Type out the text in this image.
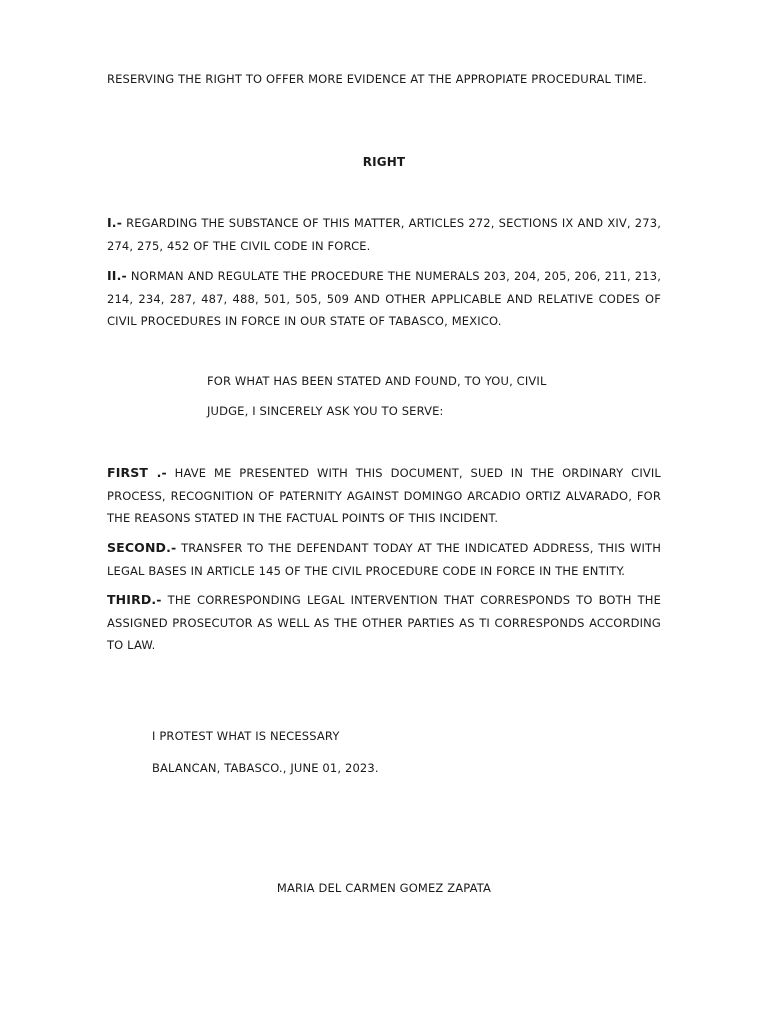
RESERVING THE RIGHT TO OFFER MORE EVIDENCE AT THE APPROPIATE PROCEDURAL TIME.

RIGHT

I.- REGARDING THE SUBSTANCE OF THIS MATTER, ARTICLES 272, SECTIONS IX AND XIV, 273, 274, 275, 452 OF THE CIVIL CODE IN FORCE.

II.- NORMAN AND REGULATE THE PROCEDURE THE NUMERALS 203, 204, 205, 206, 211, 213, 214, 234, 287, 487, 488, 501, 505, 509 AND OTHER APPLICABLE AND RELATIVE CODES OF CIVIL PROCEDURES IN FORCE IN OUR STATE OF TABASCO, MEXICO.

FOR WHAT HAS BEEN STATED AND FOUND, TO YOU, CIVIL
JUDGE, I SINCERELY ASK YOU TO SERVE:

FIRST .- HAVE ME PRESENTED WITH THIS DOCUMENT, SUED IN THE ORDINARY CIVIL PROCESS, RECOGNITION OF PATERNITY AGAINST DOMINGO ARCADIO ORTIZ ALVARADO, FOR THE REASONS STATED IN THE FACTUAL POINTS OF THIS INCIDENT.

SECOND.- TRANSFER TO THE DEFENDANT TODAY AT THE INDICATED ADDRESS, THIS WITH LEGAL BASES IN ARTICLE 145 OF THE CIVIL PROCEDURE CODE IN FORCE IN THE ENTITY.

THIRD.- THE CORRESPONDING LEGAL INTERVENTION THAT CORRESPONDS TO BOTH THE ASSIGNED PROSECUTOR AS WELL AS THE OTHER PARTIES AS TI CORRESPONDS ACCORDING TO LAW.

I PROTEST WHAT IS NECESSARY
BALANCAN, TABASCO., JUNE 01, 2023.
MARIA DEL CARMEN GOMEZ ZAPATA
